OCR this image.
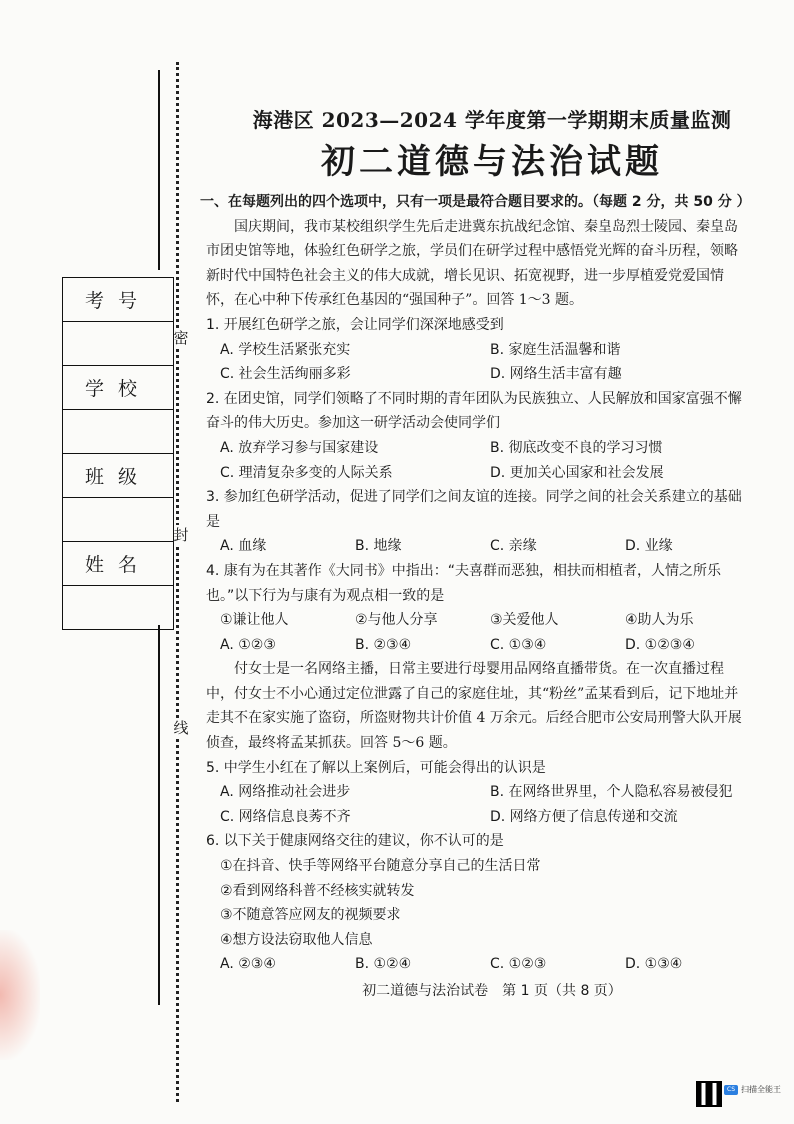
密
封
线
考号

学校

班级

姓名

海港区 2023—2024 学年度第一学期期末质量监测
初二道德与法治试题

一、在每题列出的四个选项中，只有一项是最符合题目要求的。（每题 2 分，共 50 分 ）

国庆期间，我市某校组织学生先后走进冀东抗战纪念馆、秦皇岛烈士陵园、秦皇岛市团史馆等地，体验红色研学之旅，学员们在研学过程中感悟党光辉的奋斗历程，领略新时代中国特色社会主义的伟大成就，增长见识、拓宽视野，进一步厚植爱党爱国情怀，在心中种下传承红色基因的“强国种子”。回答 1～3 题。

1. 开展红色研学之旅，会让同学们深深地感受到

A. 学校生活紧张充实	B. 家庭生活温馨和谐
C. 社会生活绚丽多彩	D. 网络生活丰富有趣

2. 在团史馆，同学们领略了不同时期的青年团队为民族独立、人民解放和国家富强不懈奋斗的伟大历史。参加这一研学活动会使同学们

A. 放弃学习参与国家建设	B. 彻底改变不良的学习习惯
C. 理清复杂多变的人际关系	D. 更加关心国家和社会发展

3. 参加红色研学活动，促进了同学们之间友谊的连接。同学之间的社会关系建立的基础是

A. 血缘	B. 地缘	C. 亲缘	D. 业缘

4. 康有为在其著作《大同书》中指出：“夫喜群而恶独，相扶而相植者，人情之所乐也。”以下行为与康有为观点相一致的是

①谦让他人	②与他人分享	③关爱他人	④助人为乐
A. ①②③	B. ②③④	C. ①③④	D. ①②③④

付女士是一名网络主播，日常主要进行母婴用品网络直播带货。在一次直播过程中，付女士不小心通过定位泄露了自己的家庭住址，其“粉丝”孟某看到后，记下地址并走其不在家实施了盗窃，所盗财物共计价值 4 万余元。后经合肥市公安局刑警大队开展侦查，最终将孟某抓获。回答 5～6 题。

5. 中学生小红在了解以上案例后，可能会得出的认识是

A. 网络推动社会进步	B. 在网络世界里，个人隐私容易被侵犯
C. 网络信息良莠不齐	D. 网络方便了信息传递和交流

6. 以下关于健康网络交往的建议，你不认可的是

①在抖音、快手等网络平台随意分享自己的生活日常
②看到网络科普不经核实就转发
③不随意答应网友的视频要求
④想方设法窃取他人信息
A. ②③④	B. ①②④	C. ①②③	D. ①③④
初二道德与法治试卷　第 1 页（共 8 页）
CS 扫描全能王
